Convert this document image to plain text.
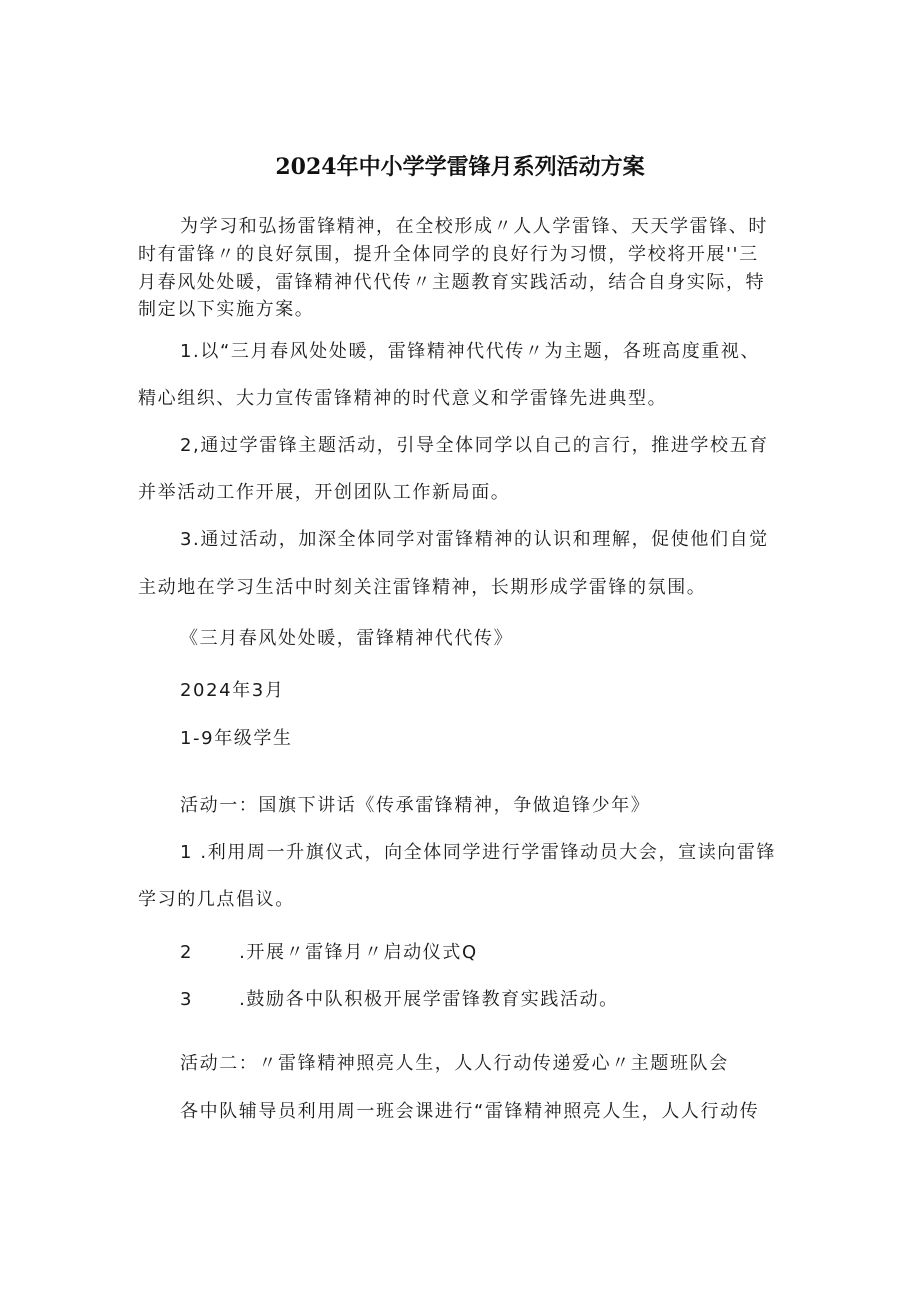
2024年中小学学雷锋月系列活动方案

为学习和弘扬雷锋精神，在全校形成〃人人学雷锋、天天学雷锋、时

时有雷锋〃的良好氛围，提升全体同学的良好行为习惯，学校将开展''三

月春风处处暖，雷锋精神代代传〃主题教育实践活动，结合自身实际，特

制定以下实施方案。

1.以“三月春风处处暖，雷锋精神代代传〃为主题，各班高度重视、

精心组织、大力宣传雷锋精神的时代意义和学雷锋先进典型。

2,通过学雷锋主题活动，引导全体同学以自己的言行，推进学校五育

并举活动工作开展，开创团队工作新局面。

3.通过活动，加深全体同学对雷锋精神的认识和理解，促使他们自觉

主动地在学习生活中时刻关注雷锋精神，长期形成学雷锋的氛围。

《三月春风处处暖，雷锋精神代代传》

2024年3月

1-9年级学生

活动一：国旗下讲话《传承雷锋精神，争做追锋少年》

1 .利用周一升旗仪式，向全体同学进行学雷锋动员大会，宣读向雷锋

学习的几点倡议。

2	.开展〃雷锋月〃启动仪式Q

3	.鼓励各中队积极开展学雷锋教育实践活动。

活动二：〃雷锋精神照亮人生，人人行动传递爱心〃主题班队会

各中队辅导员利用周一班会课进行“雷锋精神照亮人生，人人行动传
